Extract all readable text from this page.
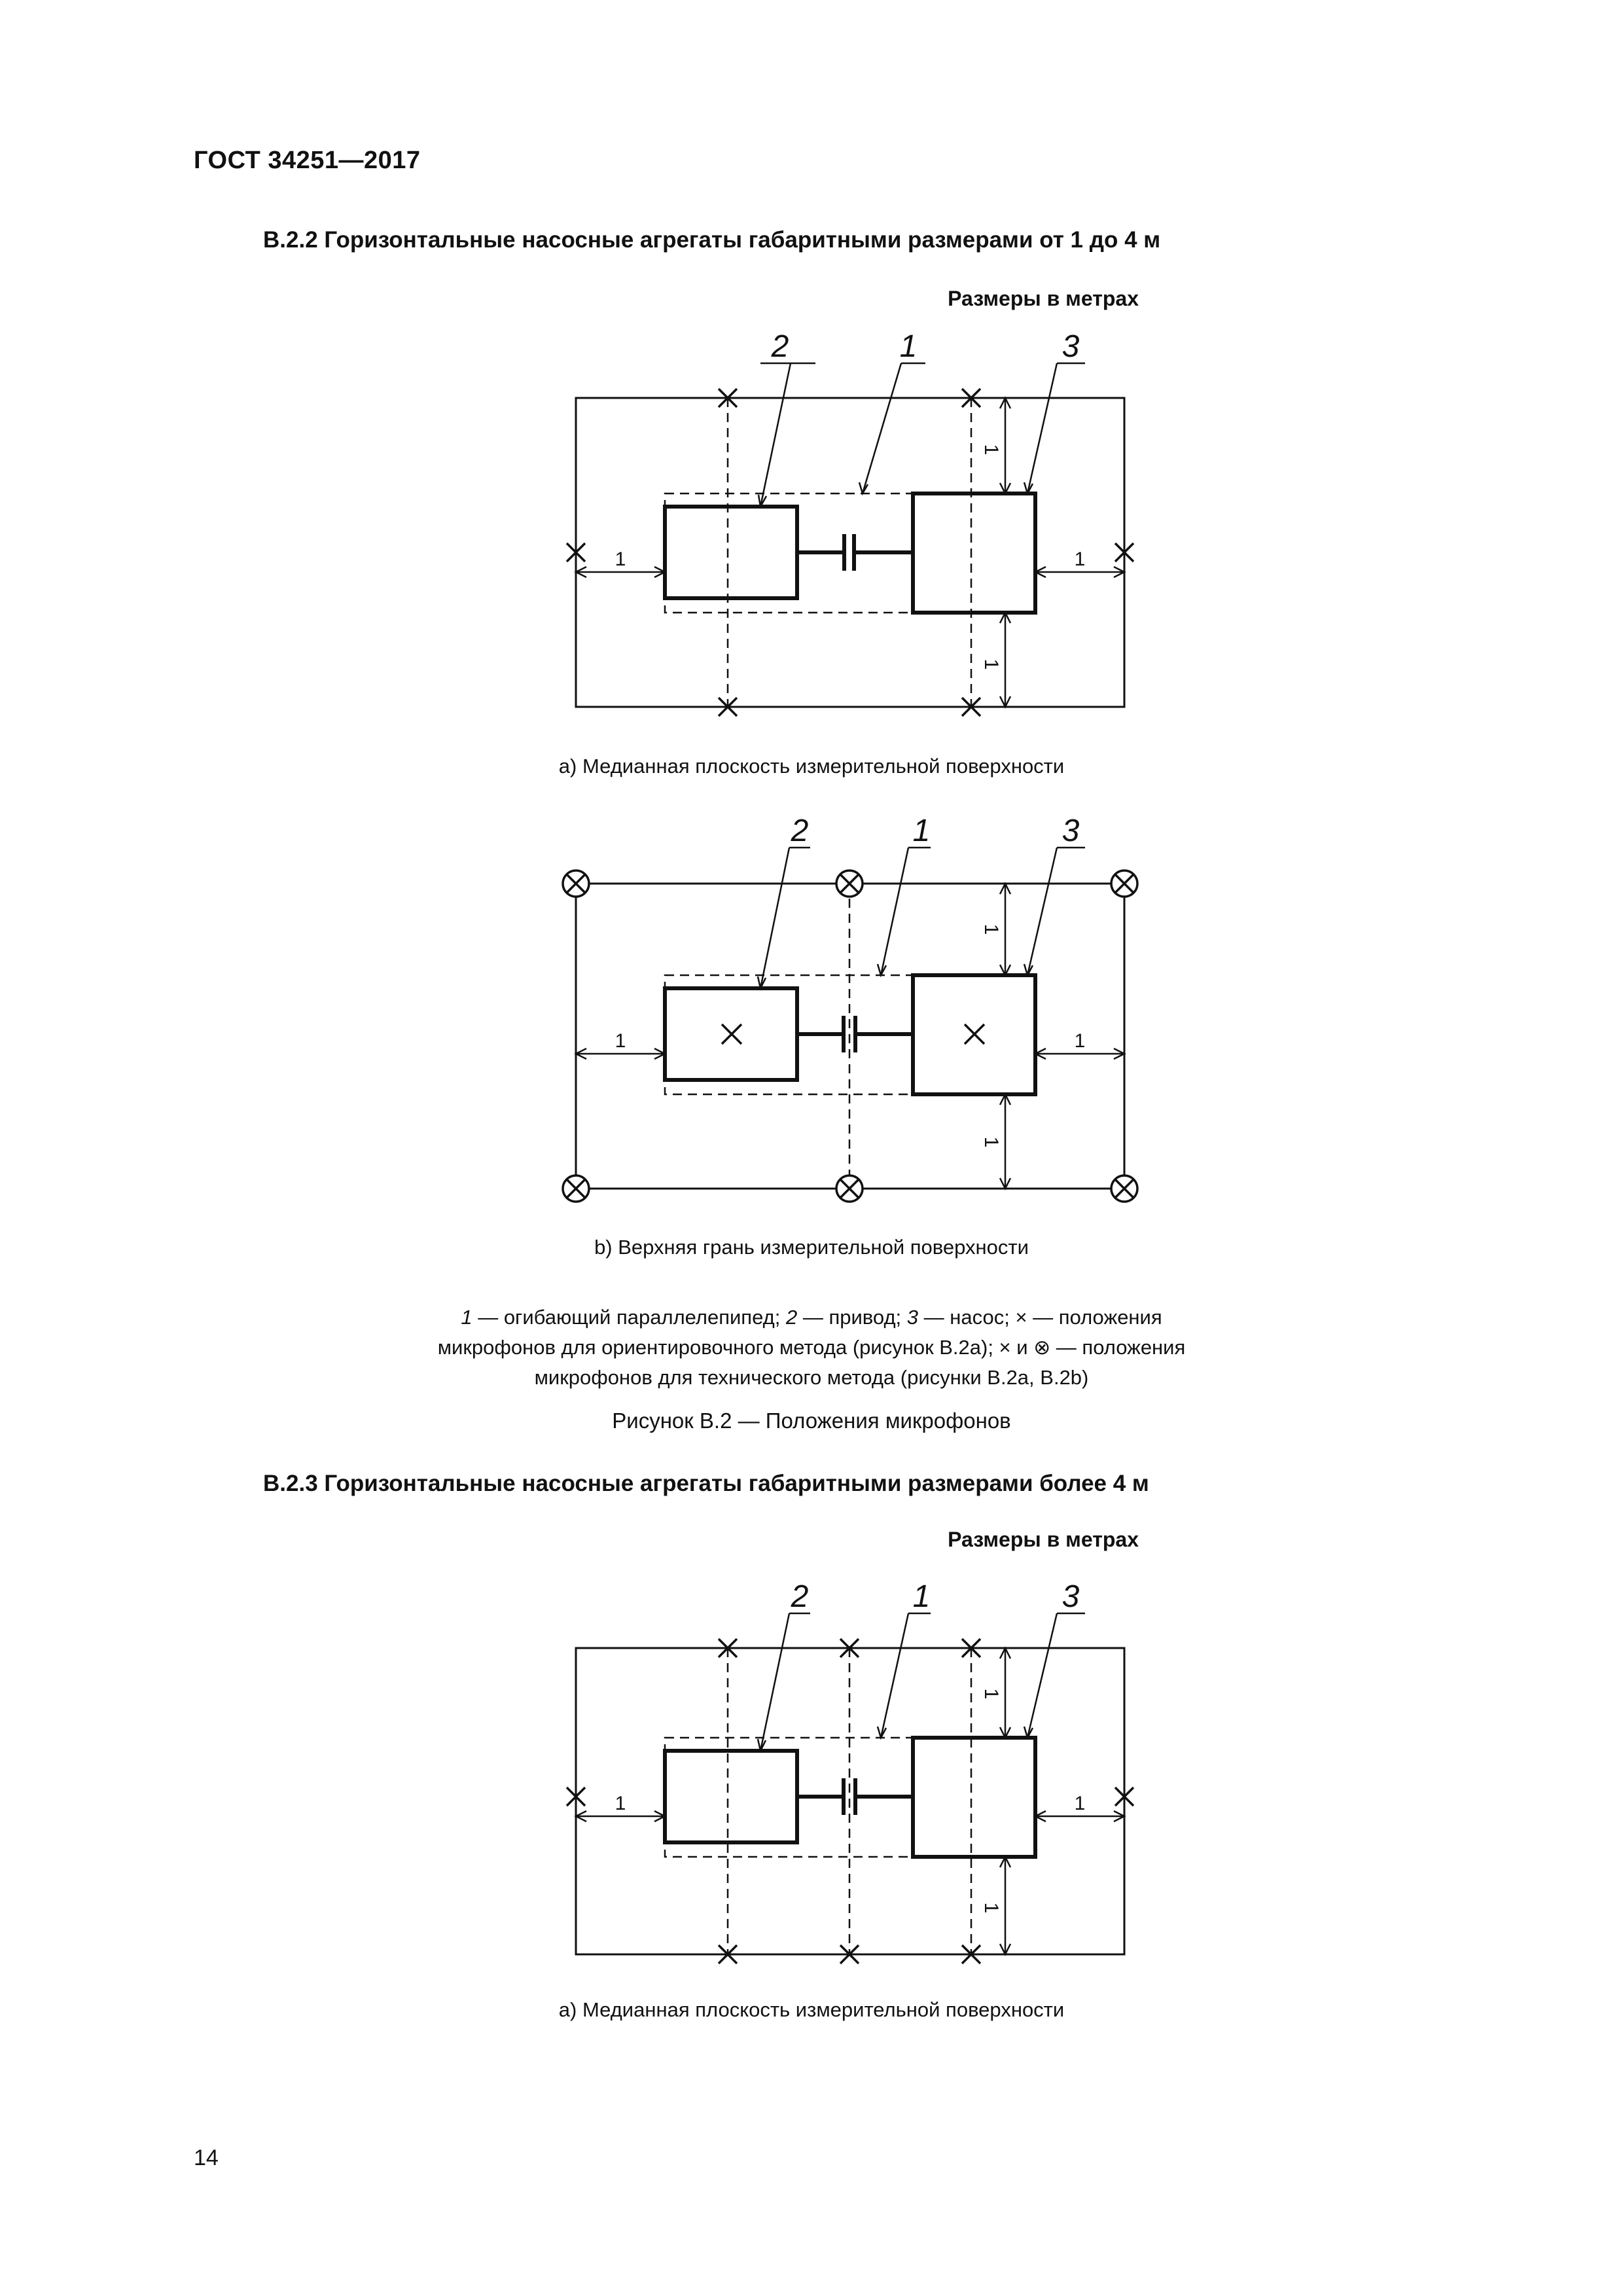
ГОСТ 34251—2017
В.2.2 Горизонтальные насосные агрегаты габаритными размерами от 1 до 4 м
Размеры в метрах
1
1
1	1
2	1	3
а) Медианная плоскость измерительной поверхности
1
1
1	1
2	1	3
b) Верхняя грань измерительной поверхности
1 — огибающий параллелепипед; 2 — привод; 3 — насос; × — положения
микрофонов для ориентировочного метода (рисунок В.2а); × и ⊗ — положения
микрофонов для технического метода (рисунки В.2а, В.2b)
Рисунок В.2 — Положения микрофонов
В.2.3 Горизонтальные насосные агрегаты габаритными размерами более 4 м
Размеры в метрах
1
1
1	1
2	1	3
а) Медианная плоскость измерительной поверхности
14
